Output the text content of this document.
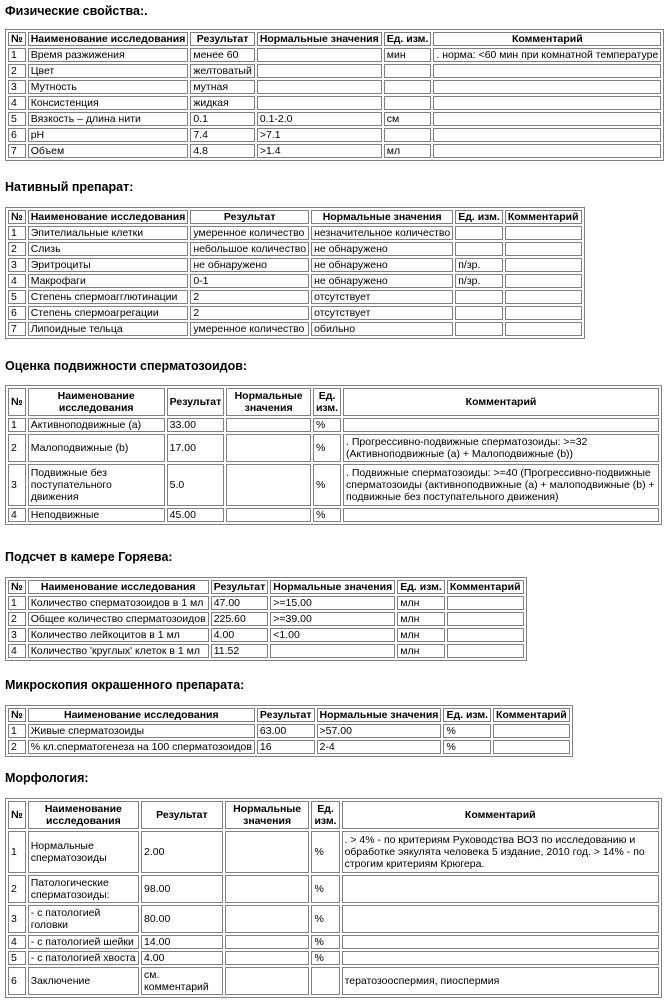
Физические свойства:.
№	Наименование исследования	Результат	Нормальные значения	Ед. изм.	Комментарий
1	Время разжижения	менее 60		мин	. норма: <60 мин при комнатной температуре
2	Цвет	желтоватый			
3	Мутность	мутная			
4	Консистенция	жидкая			
5	Вязкость – длина нити	0.1	0.1-2.0	см	
6	pH	7.4	>7.1		
7	Объем	4.8	>1.4	мл	
Нативный препарат:
№	Наименование исследования	Результат	Нормальные значения	Ед. изм.	Комментарий
1	Эпителиальные клетки	умеренное количество	незначительное количество		
2	Слизь	небольшое количество	не обнаружено		
3	Эритроциты	не обнаружено	не обнаружено	п/зр.	
4	Макрофаги	0-1	не обнаружено	п/зр.	
5	Степень спермоагглютинации	2	отсутствует		
6	Степень спермоагрегации	2	отсутствует		
7	Липоидные тельца	умеренное количество	обильно		
Оценка подвижности сперматозоидов:
№	Наименование исследования	Результат	Нормальные значения	Ед. изм.	Комментарий
1	Активноподвижные (a)	33.00		%	
2	Малоподвижные (b)	17.00		%	. Прогрессивно-подвижные сперматозоиды: >=32 (Активноподвижные (a) + Малоподвижные (b))
3	Подвижные без поступательного движения	5.0		%	. Подвижные сперматозоиды: >=40 (Прогрессивно-подвижные сперматозоиды (активноподвижные (a) + малоподвижные (b) + подвижные без поступательного движения)
4	Неподвижные	45.00		%	
Подсчет в камере Горяева:
№	Наименование исследования	Результат	Нормальные значения	Ед. изм.	Комментарий
1	Количество сперматозоидов в 1 мл	47.00	>=15.00	млн	
2	Общее количество сперматозоидов	225.60	>=39.00	млн	
3	Количество лейкоцитов в 1 мл	4.00	<1.00	млн	
4	Количество 'круглых' клеток в 1 мл	11.52		млн	
Микроскопия окрашенного препарата:
№	Наименование исследования	Результат	Нормальные значения	Ед. изм.	Комментарий
1	Живые сперматозоиды	63.00	>57.00	%	
2	% кл.сперматогенеза на 100 сперматозоидов	16	2-4	%	
Морфология:
№	Наименование исследования	Результат	Нормальные значения	Ед. изм.	Комментарий
1	Нормальные сперматозоиды	2.00		%	. > 4% - по критериям Руководства ВОЗ по исследованию и обработке эякулята человека 5 издание, 2010 год. > 14% - по строгим критериям Крюгера.
2	Патологические сперматозоиды:	98.00		%	
3	- с патологией головки	80.00		%	
4	- с патологией шейки	14.00		%	
5	- с патологией хвоста	4.00		%	
6	Заключение	см. комментарий			тератозооспермия, пиоспермия
